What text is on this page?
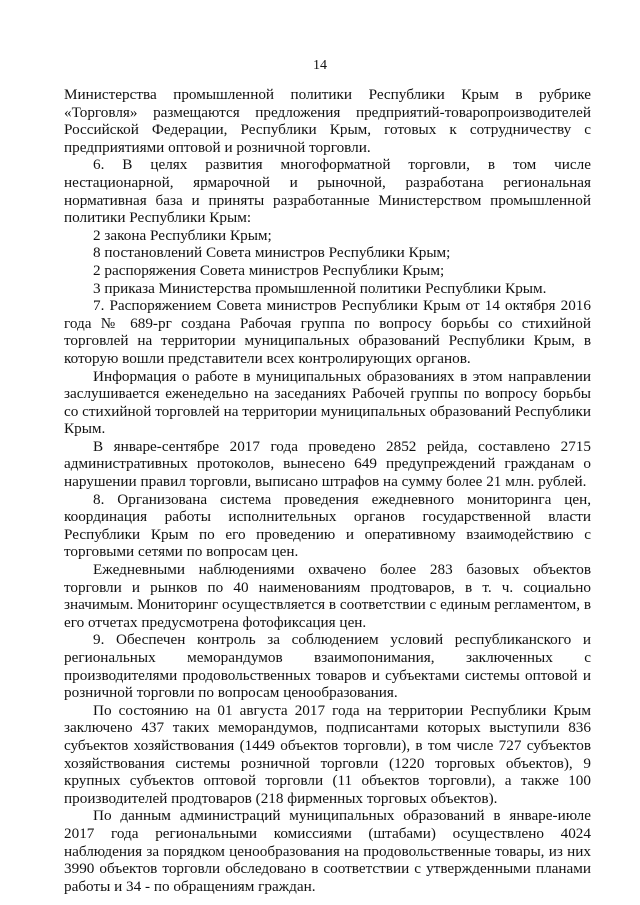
14

Министерства промышленной политики Республики Крым в рубрике «Торговля» размещаются предложения предприятий-товаропроизводителей Российской Федерации, Республики Крым, готовых к сотрудничеству с предприятиями оптовой и розничной торговли.

6. В целях развития многоформатной торговли, в том числе нестационарной, ярмарочной и рыночной, разработана региональная нормативная база и приняты разработанные Министерством промышленной политики Республики Крым:

2 закона Республики Крым;

8 постановлений Совета министров Республики Крым;

2 распоряжения Совета министров Республики Крым;

3 приказа Министерства промышленной политики Республики Крым.

7. Распоряжением Совета министров Республики Крым от 14 октября 2016 года № 689-рг создана Рабочая группа по вопросу борьбы со стихийной торговлей на территории муниципальных образований Республики Крым, в которую вошли представители всех контролирующих органов.

Информация о работе в муниципальных образованиях в этом направлении заслушивается еженедельно на заседаниях Рабочей группы по вопросу борьбы со стихийной торговлей на территории муниципальных образований Республики Крым.

В январе-сентябре 2017 года проведено 2852 рейда, составлено 2715 административных протоколов, вынесено 649 предупреждений гражданам о нарушении правил торговли, выписано штрафов на сумму более 21 млн. рублей.

8. Организована система проведения ежедневного мониторинга цен, координация работы исполнительных органов государственной власти Республики Крым по его проведению и оперативному взаимодействию с торговыми сетями по вопросам цен.

Ежедневными наблюдениями охвачено более 283 базовых объектов торговли и рынков по 40 наименованиям продтоваров, в т. ч. социально значимым. Мониторинг осуществляется в соответствии с единым регламентом, в его отчетах предусмотрена фотофиксация цен.

9. Обеспечен контроль за соблюдением условий республиканского и региональных меморандумов взаимопонимания, заключенных с производителями продовольственных товаров и субъектами системы оптовой и розничной торговли по вопросам ценообразования.

По состоянию на 01 августа 2017 года на территории Республики Крым заключено 437 таких меморандумов, подписантами которых выступили 836 субъектов хозяйствования (1449 объектов торговли), в том числе 727 субъектов хозяйствования системы розничной торговли (1220 торговых объектов), 9 крупных субъектов оптовой торговли (11 объектов торговли), а также 100 производителей продтоваров (218 фирменных торговых объектов).

По данным администраций муниципальных образований в январе-июле 2017 года региональными комиссиями (штабами) осуществлено 4024 наблюдения за порядком ценообразования на продовольственные товары, из них 3990 объектов торговли обследовано в соответствии с утвержденными планами работы и 34 - по обращениям граждан.
